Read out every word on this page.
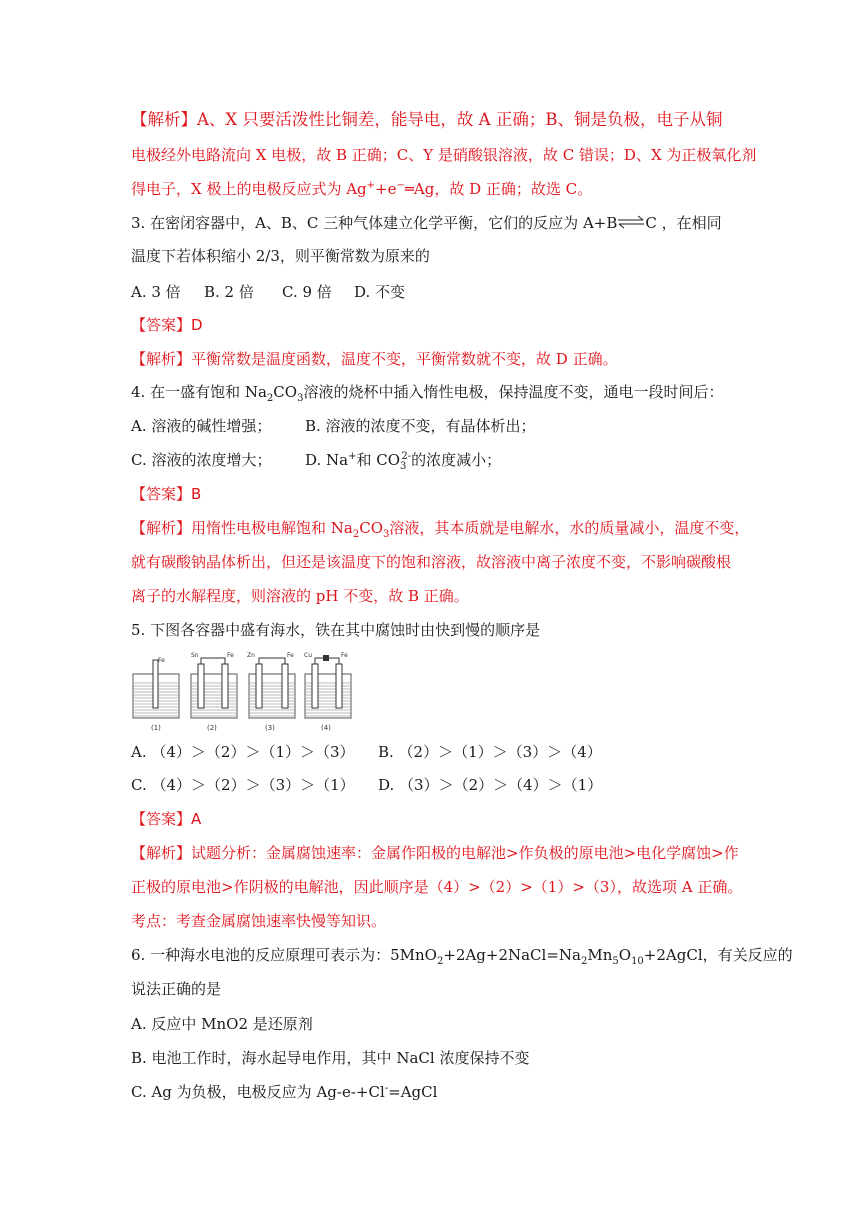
【解析】A、X 只要活泼性比铜差，能导电，故 A 正确；B、铜是负极，电子从铜
电极经外电路流向 X 电极，故 B 正确；C、Y 是硝酸银溶液，故 C 错误；D、X 为正极氧化剂
得电子，X 极上的电极反应式为 Ag++e−═Ag，故 D 正确；故选 C。
3. 在密闭容器中，A、B、C 三种气体建立化学平衡，它们的反应为 A+B⇌C ，在相同
温度下若体积缩小 2/3，则平衡常数为原来的
A. 3 倍 B. 2 倍 C. 9 倍 D. 不变
【答案】D
【解析】平衡常数是温度函数，温度不变，平衡常数就不变，故 D 正确。
4. 在一盛有饱和 $Na_2CO_3$溶液的烧杯中插入惰性电极，保持温度不变，通电一段时间后：
A. 溶液的碱性增强； B. 溶液的浓度不变，有晶体析出；
C. 溶液的浓度增大； D. Na+和 $CO_3^{2-}$的浓度减小；
【答案】B
【解析】用惰性电极电解饱和 $Na_2CO_3$溶液，其本质就是电解水，水的质量减小，温度不变，
就有碳酸钠晶体析出，但还是该温度下的饱和溶液，故溶液中离子浓度不变，不影响碳酸根
离子的水解程度，则溶液的 pH 不变，故 B 正确。
5. 下图各容器中盛有海水，铁在其中腐蚀时由快到慢的顺序是
Fe
(1)
Sn	Fe
(2)
Zn	Fe
(3)
Cu	Fe
(4)
A. （4）＞（2）＞（1）＞（3） B. （2）＞（1）＞（3）＞（4）
C. （4）＞（2）＞（3）＞（1） D. （3）＞（2）＞（4）＞（1）
【答案】A
【解析】试题分析：金属腐蚀速率：金属作阳极的电解池>作负极的原电池>电化学腐蚀>作
正极的原电池>作阴极的电解池，因此顺序是（4）>（2）>（1）>（3），故选项 A 正确。
考点：考查金属腐蚀速率快慢等知识。
6. 一种海水电池的反应原理可表示为：$5MnO_2+2Ag+2NaCl=Na_2Mn_5O_{10}+2AgCl$，有关反应的
说法正确的是
A. 反应中 MnO2 是还原剂
B. 电池工作时，海水起导电作用，其中 NaCl 浓度保持不变
C. Ag 为负极，电极反应为 Ag-e-+Cl-=AgCl
